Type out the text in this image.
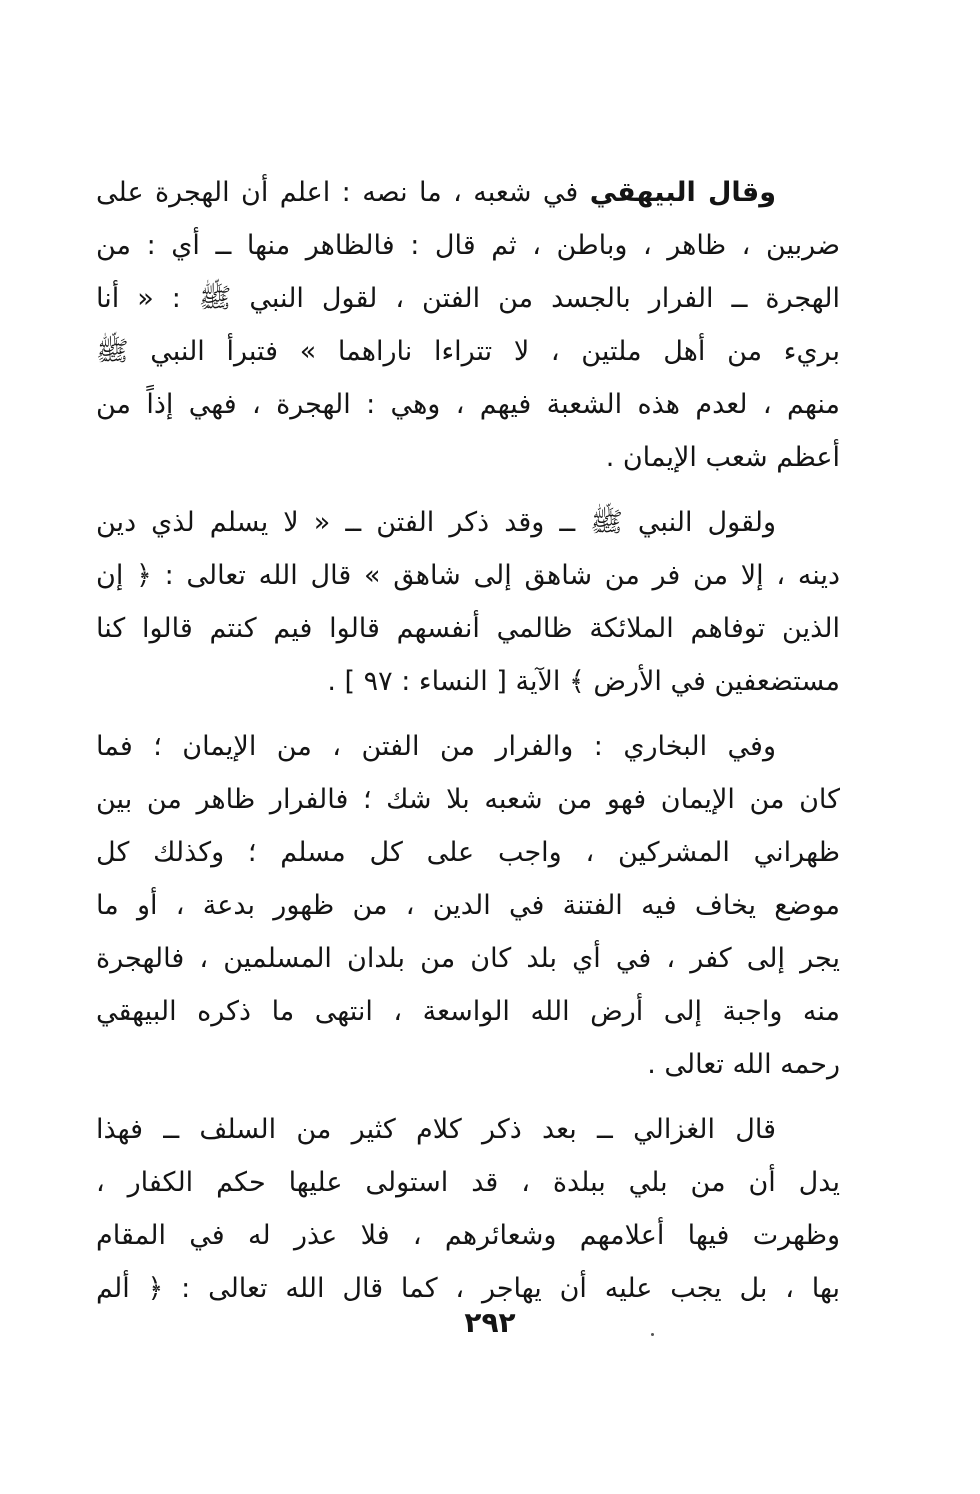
وقال البيهقي في شعبه ، ما نصه : اعلم أن الهجرة على
ضربين ، ظاهر ، وباطن ، ثم قال : فالظاهر منها ــ أي : من
الهجرة ــ الفرار بالجسد من الفتن ، لقول النبي ﷺ : « أنا
بريء من أهل ملتين ، لا تتراءا ناراهما » فتبرأ النبي ﷺ
منهم ، لعدم هذه الشعبة فيهم ، وهي : الهجرة ، فهي إذاً من
أعظم شعب الإيمان .

ولقول النبي ﷺ ــ وقد ذكر الفتن ــ « لا يسلم لذي دين
دينه ، إلا من فر من شاهق إلى شاهق » قال الله تعالى : ﴿ إن
الذين توفاهم الملائكة ظالمي أنفسهم قالوا فيم كنتم قالوا كنا
مستضعفين في الأرض ﴾ الآية [ النساء : ٩٧ ] .

وفي البخاري : والفرار من الفتن ، من الإيمان ؛ فما
كان من الإيمان فهو من شعبه بلا شك ؛ فالفرار ظاهر من بين
ظهراني المشركين ، واجب على كل مسلم ؛ وكذلك كل
موضع يخاف فيه الفتنة في الدين ، من ظهور بدعة ، أو ما
يجر إلى كفر ، في أي بلد كان من بلدان المسلمين ، فالهجرة
منه واجبة إلى أرض الله الواسعة ، انتهى ما ذكره البيهقي
رحمه الله تعالى .

قال الغزالي ــ بعد ذكر كلام كثير من السلف ــ فهذا
يدل أن من بلي ببلدة ، قد استولى عليها حكم الكفار ،
وظهرت فيها أعلامهم وشعائرهم ، فلا عذر له في المقام
بها ، بل يجب عليه أن يهاجر ، كما قال الله تعالى : ﴿ ألم

٢٩٢
